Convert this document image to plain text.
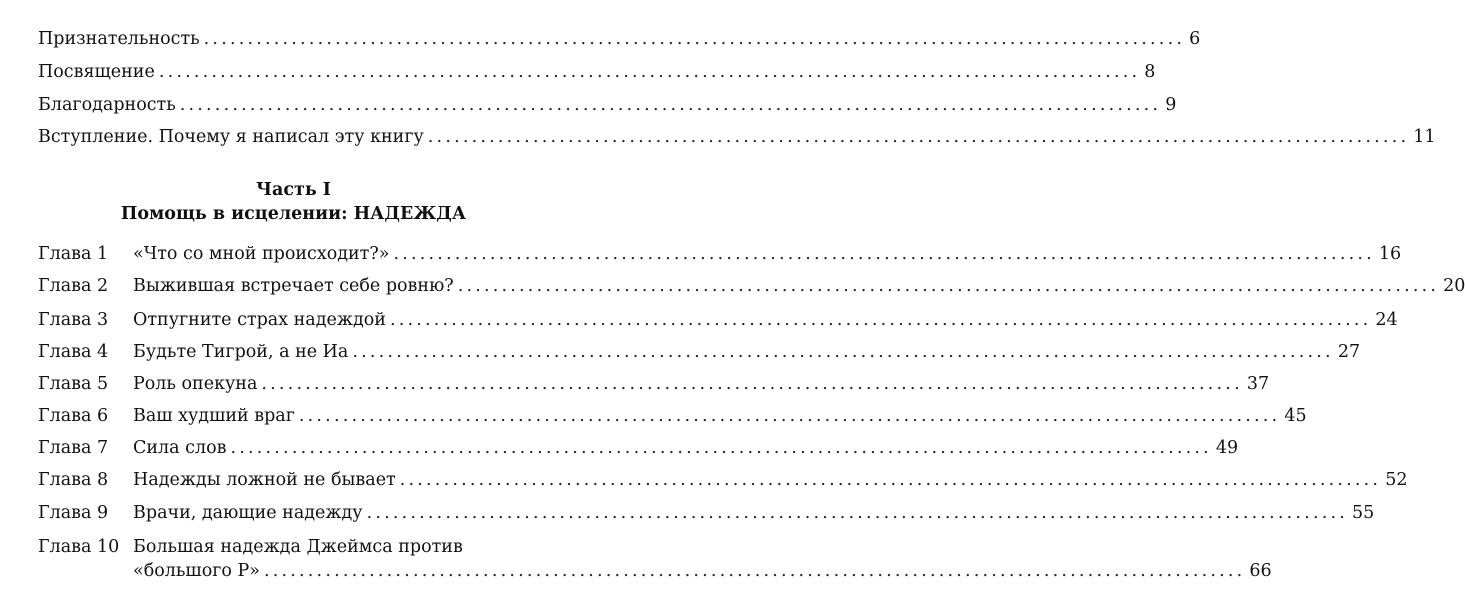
Признательность ................................................................................................................ 6
Посвящение ................................................................................................................ 8
Благодарность ................................................................................................................ 9
Вступление. Почему я написал эту книгу ................................................................................................................ 11
Часть I
Помощь в исцелении: НАДЕЖДА
Глава 1 «Что со мной происходит?» ................................................................................................................ 16
Глава 2 Выжившая встречает себе ровню? ................................................................................................................ 20
Глава 3 Отпугните страх надеждой ................................................................................................................ 24
Глава 4 Будьте Тигрой, а не Иа ................................................................................................................ 27
Глава 5 Роль опекуна ................................................................................................................ 37
Глава 6 Ваш худший враг ................................................................................................................ 45
Глава 7 Сила слов ................................................................................................................ 49
Глава 8 Надежды ложной не бывает ................................................................................................................ 52
Глава 9 Врачи, дающие надежду ................................................................................................................ 55
Глава 10 Большая надежда Джеймса против
«большого Р» ................................................................................................................ 66
